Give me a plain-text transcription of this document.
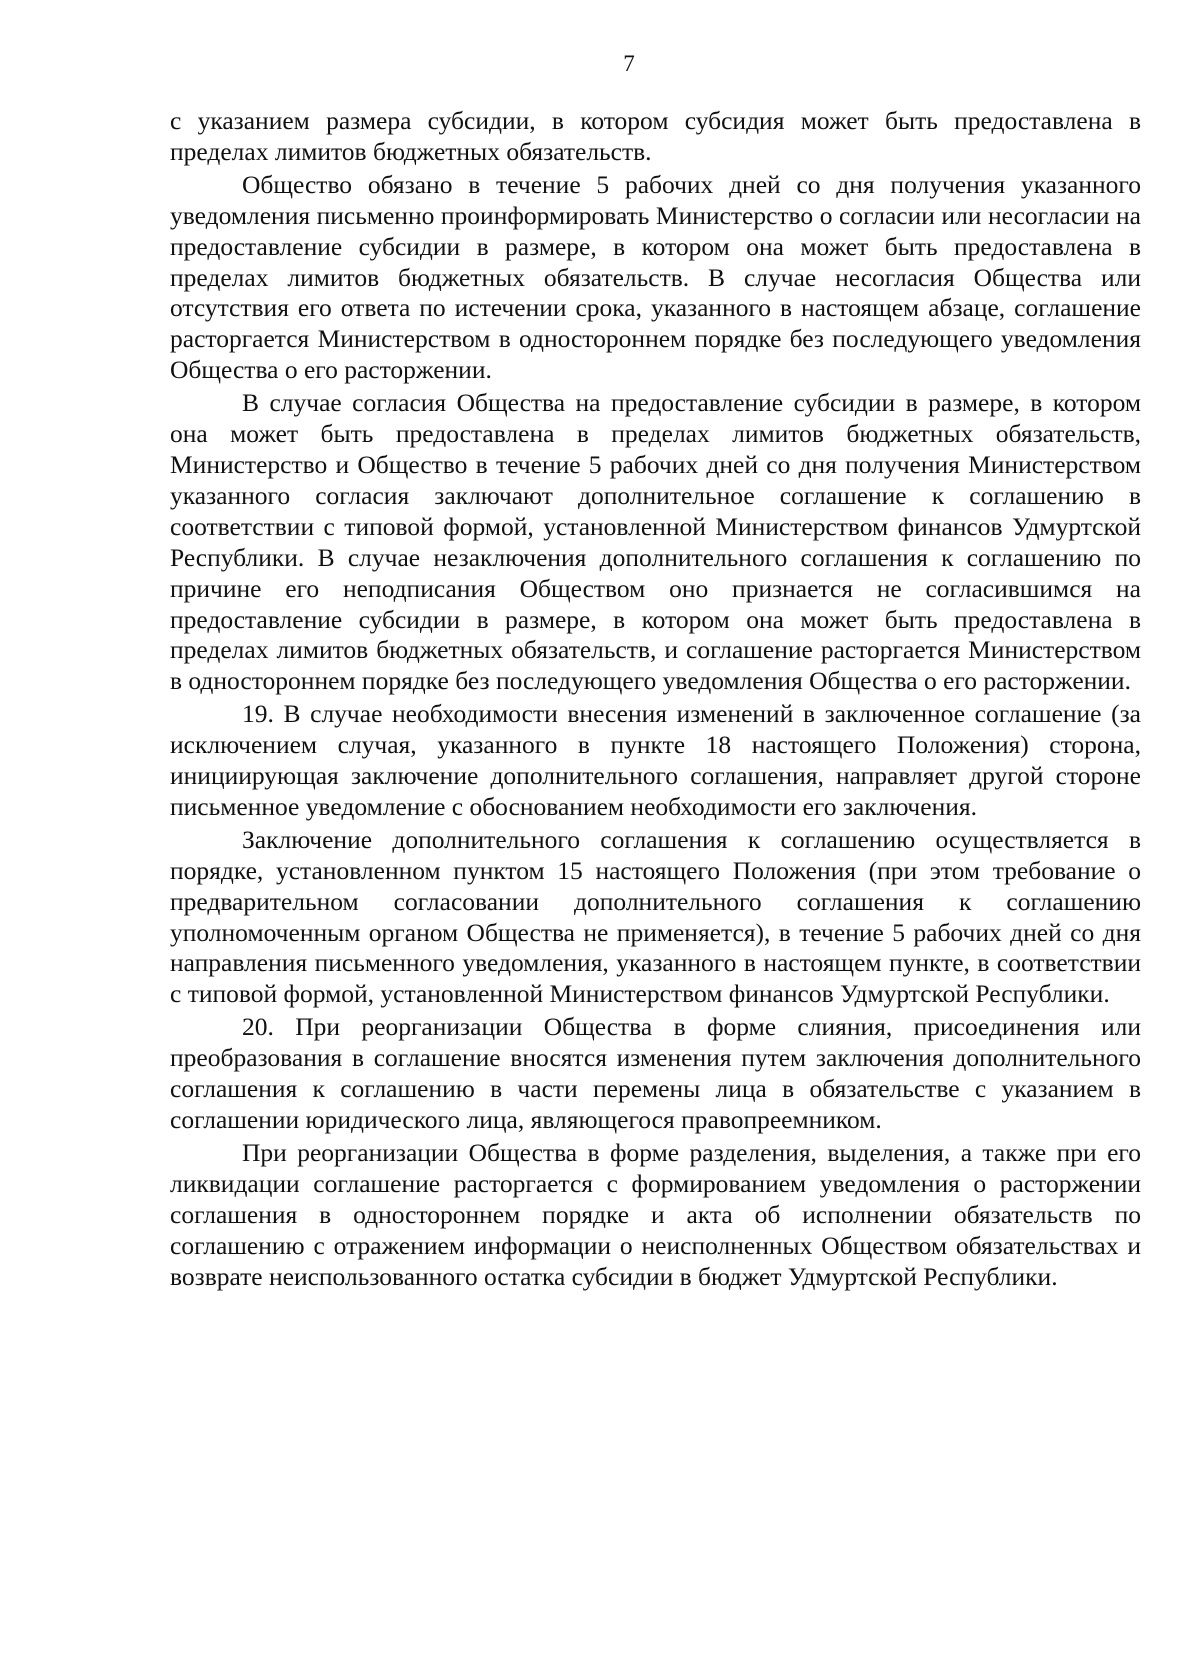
7

с указанием размера субсидии, в котором субсидия может быть предоставлена в пределах лимитов бюджетных обязательств.

Общество обязано в течение 5 рабочих дней со дня получения указанного уведомления письменно проинформировать Министерство о согласии или несогласии на предоставление субсидии в размере, в котором она может быть предоставлена в пределах лимитов бюджетных обязательств. В случае несогласия Общества или отсутствия его ответа по истечении срока, указанного в настоящем абзаце, соглашение расторгается Министерством в одностороннем порядке без последующего уведомления Общества о его расторжении.

В случае согласия Общества на предоставление субсидии в размере, в котором она может быть предоставлена в пределах лимитов бюджетных обязательств, Министерство и Общество в течение 5 рабочих дней со дня получения Министерством указанного согласия заключают дополнительное соглашение к соглашению в соответствии с типовой формой, установленной Министерством финансов Удмуртской Республики. В случае незаключения дополнительного соглашения к соглашению по причине его неподписания Обществом оно признается не согласившимся на предоставление субсидии в размере, в котором она может быть предоставлена в пределах лимитов бюджетных обязательств, и соглашение расторгается Министерством в одностороннем порядке без последующего уведомления Общества о его расторжении.

19. В случае необходимости внесения изменений в заключенное соглашение (за исключением случая, указанного в пункте 18 настоящего Положения) сторона, инициирующая заключение дополнительного соглашения, направляет другой стороне письменное уведомление с обоснованием необходимости его заключения.

Заключение дополнительного соглашения к соглашению осуществляется в порядке, установленном пунктом 15 настоящего Положения (при этом требование о предварительном согласовании дополнительного соглашения к соглашению уполномоченным органом Общества не применяется), в течение 5 рабочих дней со дня направления письменного уведомления, указанного в настоящем пункте, в соответствии с типовой формой, установленной Министерством финансов Удмуртской Республики.

20. При реорганизации Общества в форме слияния, присоединения или преобразования в соглашение вносятся изменения путем заключения дополнительного соглашения к соглашению в части перемены лица в обязательстве с указанием в соглашении юридического лица, являющегося правопреемником.

При реорганизации Общества в форме разделения, выделения, а также при его ликвидации соглашение расторгается с формированием уведомления о расторжении соглашения в одностороннем порядке и акта об исполнении обязательств по соглашению с отражением информации о неисполненных Обществом обязательствах и возврате неиспользованного остатка субсидии в бюджет Удмуртской Республики.
